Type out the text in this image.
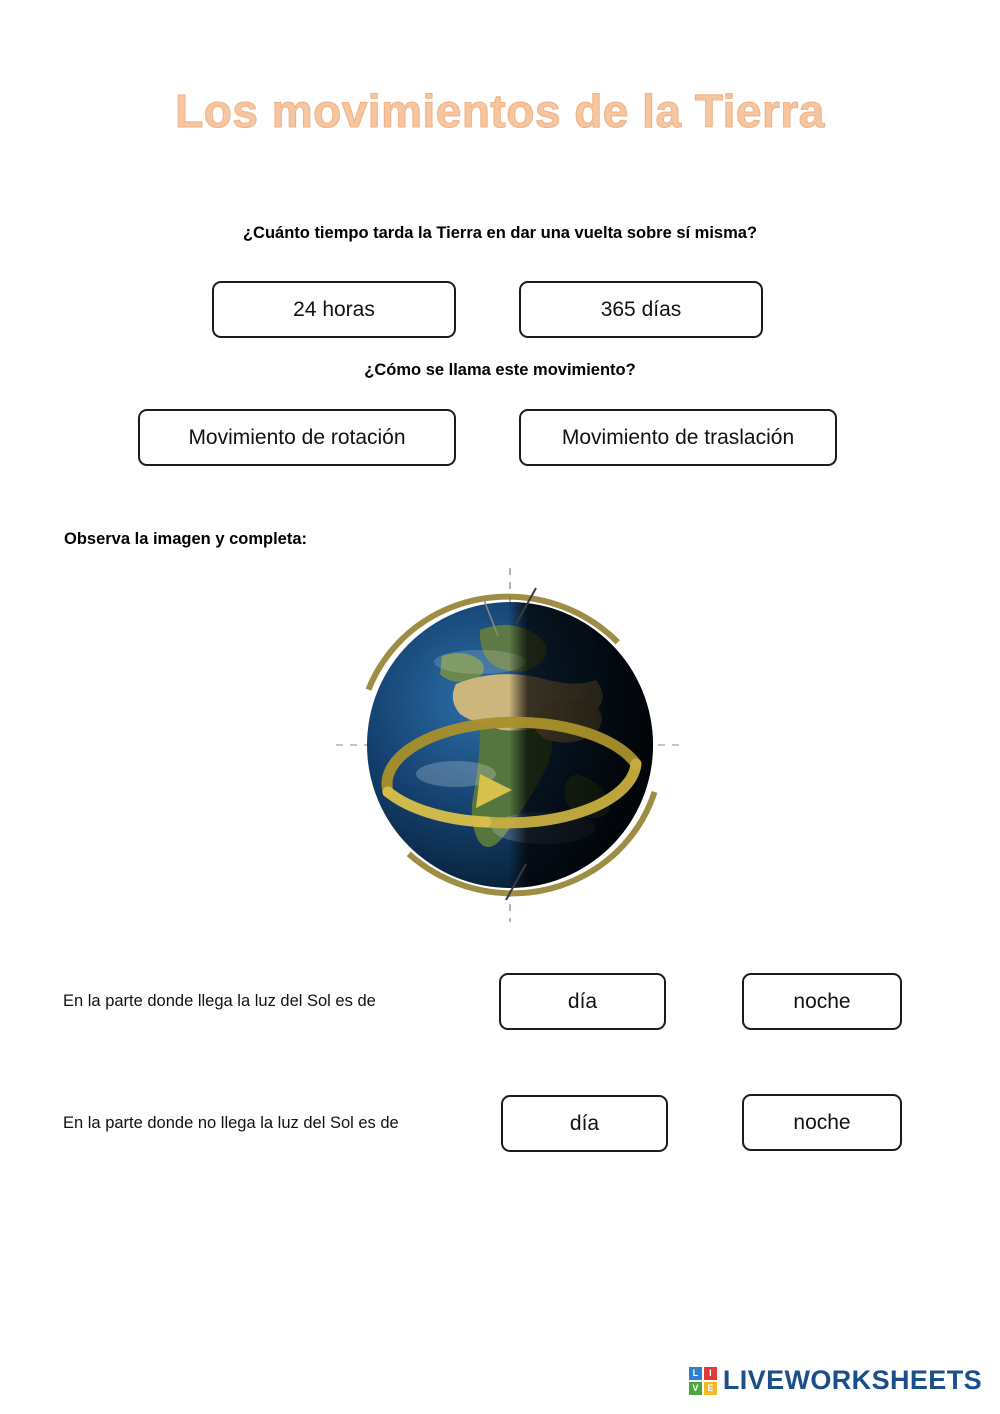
Los movimientos de la Tierra
¿Cuánto tiempo tarda la Tierra en dar una vuelta sobre sí misma?
24 horas	365 días
¿Cómo se llama este movimiento?
Movimiento de rotación	Movimiento de traslación
Observa la imagen y completa:
En la parte donde llega la luz del Sol es de	día	noche
En la parte donde no llega la luz del Sol es de	día	noche
L	I
V E LIVEWORKSHEETS
